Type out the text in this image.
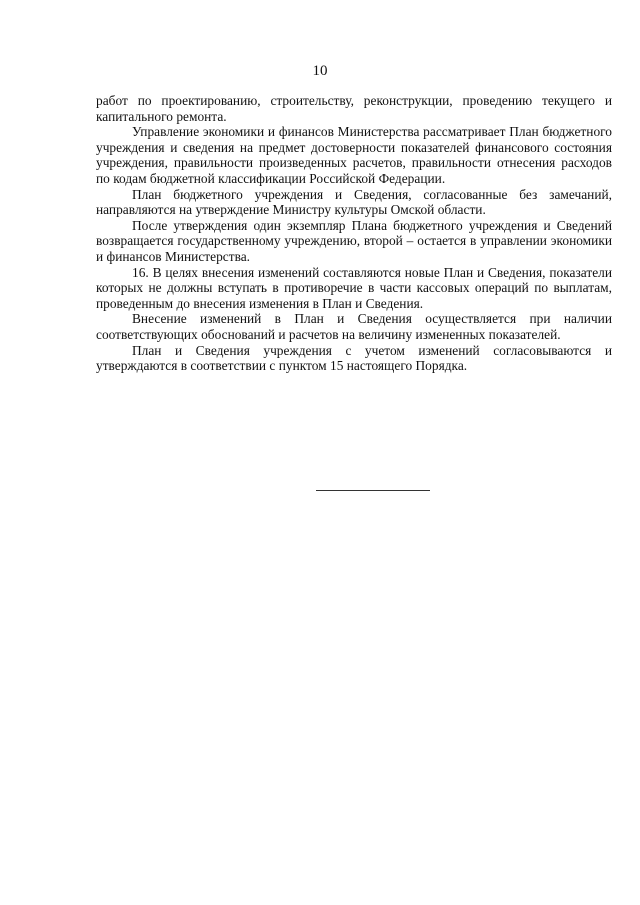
10

работ по проектированию, строительству, реконструкции, проведению текущего и капитального ремонта.

Управление экономики и финансов Министерства рассматривает План бюджетного учреждения и сведения на предмет достоверности показателей финансового состояния учреждения, правильности произведенных расчетов, правильности отнесения расходов по кодам бюджетной классификации Российской Федерации.

План бюджетного учреждения и Сведения, согласованные без замечаний, направляются на утверждение Министру культуры Омской области.

После утверждения один экземпляр Плана бюджетного учреждения и Сведений возвращается государственному учреждению, второй – остается в управлении экономики и финансов Министерства.

16. В целях внесения изменений составляются новые План и Сведения, показатели которых не должны вступать в противоречие в части кассовых операций по выплатам, проведенным до внесения изменения в План и Сведения.

Внесение изменений в План и Сведения осуществляется при наличии соответствующих обоснований и расчетов на величину измененных показателей.

План и Сведения учреждения с учетом изменений согласовываются и утверждаются в соответствии с пунктом 15 настоящего Порядка.
